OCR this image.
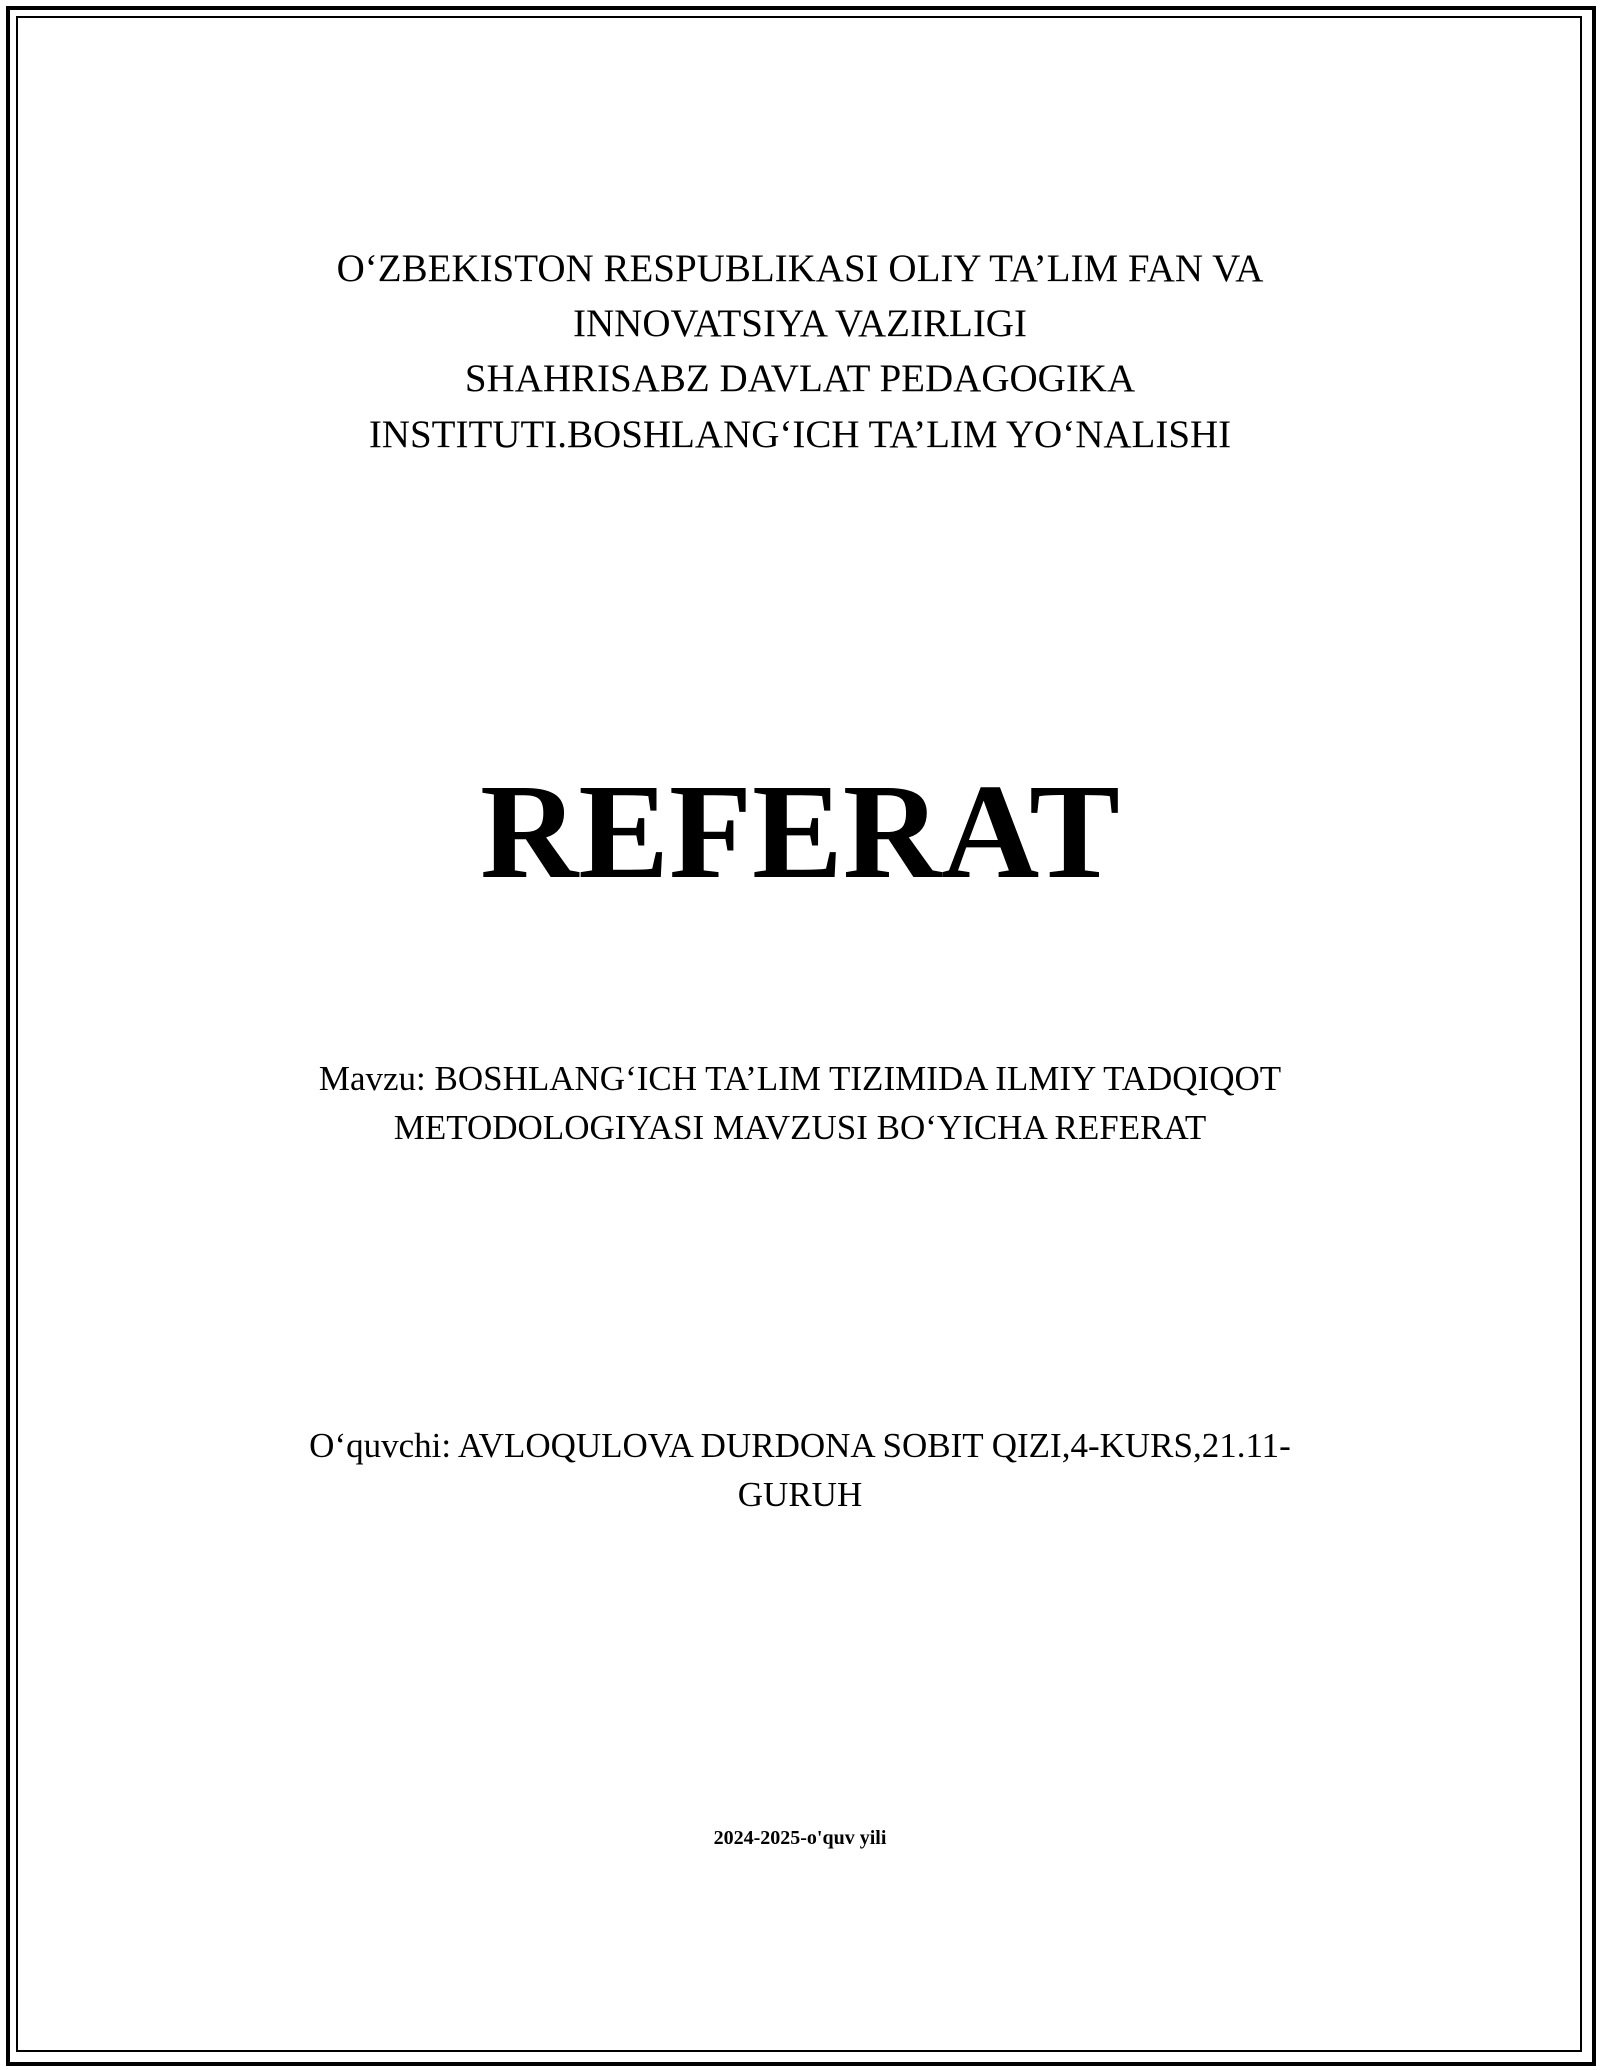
O‘ZBEKISTON RESPUBLIKASI OLIY TA’LIM FAN VA
INNOVATSIYA VAZIRLIGI
SHAHRISABZ DAVLAT PEDAGOGIKA
INSTITUTI.BOSHLANG‘ICH TA’LIM YO‘NALISHI
REFERAT
Mavzu: BOSHLANG‘ICH TA’LIM TIZIMIDA ILMIY TADQIQOT
METODOLOGIYASI MAVZUSI BO‘YICHA REFERAT
O‘quvchi: AVLOQULOVA DURDONA SOBIT QIZI,4-KURS,21.11-
GURUH
2024-2025-o'quv yili
